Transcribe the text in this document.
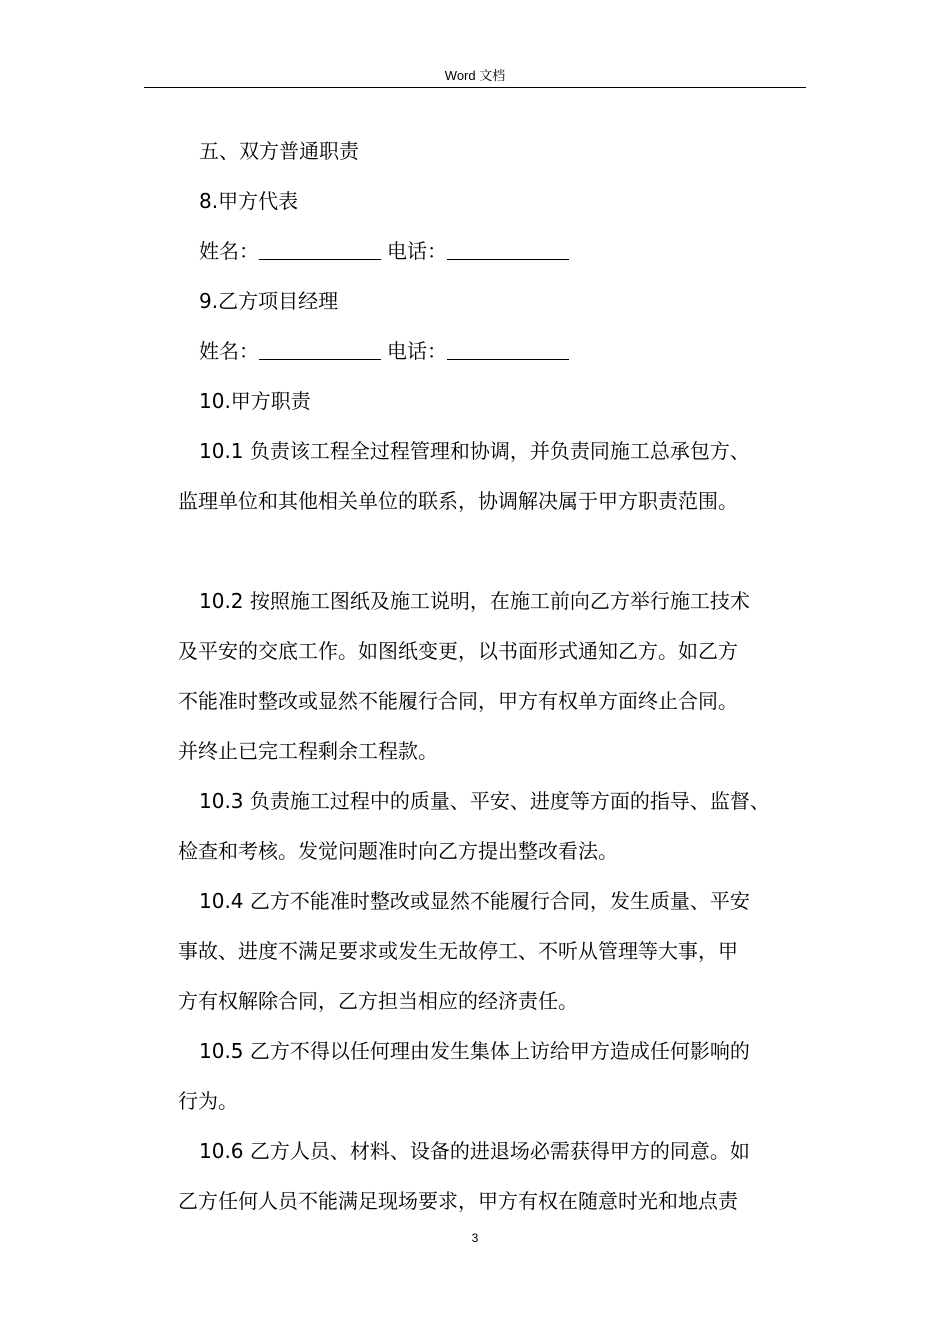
Word 文档
五、双方普通职责
8.甲方代表
姓名：	电话：
9.乙方项目经理
姓名：	电话：
10.甲方职责
10.1 负责该工程全过程管理和协调，并负责同施工总承包方、
监理单位和其他相关单位的联系，协调解决属于甲方职责范围。
10.2 按照施工图纸及施工说明，在施工前向乙方举行施工技术
及平安的交底工作。如图纸变更，以书面形式通知乙方。如乙方
不能准时整改或显然不能履行合同，甲方有权单方面终止合同。
并终止已完工程剩余工程款。
10.3 负责施工过程中的质量、平安、进度等方面的指导、监督、
检查和考核。发觉问题准时向乙方提出整改看法。
10.4 乙方不能准时整改或显然不能履行合同，发生质量、平安
事故、进度不满足要求或发生无故停工、不听从管理等大事，甲
方有权解除合同，乙方担当相应的经济责任。
10.5 乙方不得以任何理由发生集体上访给甲方造成任何影响的
行为。
10.6 乙方人员、材料、设备的进退场必需获得甲方的同意。如
乙方任何人员不能满足现场要求，甲方有权在随意时光和地点责
3
